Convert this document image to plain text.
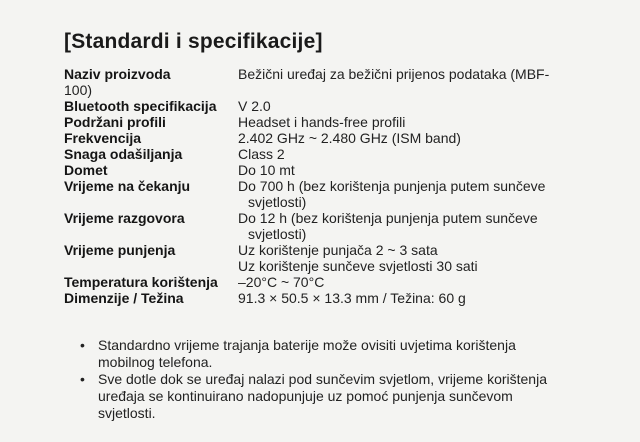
[Standardi i specifikacije]
Naziv proizvoda	Bežični uređaj za bežični prijenos podataka (MBF-
100)
Bluetooth specifikacija	V 2.0
Podržani profili	Headset i hands-free profili
Frekvencija	2.402 GHz ~ 2.480 GHz (ISM band)
Snaga odašiljanja	Class 2
Domet	Do 10 mt
Vrijeme na čekanju	Do 700 h (bez korištenja punjenja putem sunčeve
svjetlosti)
Vrijeme razgovora	Do 12 h (bez korištenja punjenja putem sunčeve
svjetlosti)
Vrijeme punjenja	Uz korištenje punjača 2 ~ 3 sata
Uz korištenje sunčeve svjetlosti 30 sati
Temperatura korištenja	–20°C ~ 70°C
Dimenzije / Težina	91.3 × 50.5 × 13.3 mm / Težina: 60 g
• Standardno vrijeme trajanja baterije može ovisiti uvjetima korištenja
mobilnog telefona.
• Sve dotle dok se uređaj nalazi pod sunčevim svjetlom, vrijeme korištenja
uređaja se kontinuirano nadopunjuje uz pomoć punjenja sunčevom
svjetlosti.
